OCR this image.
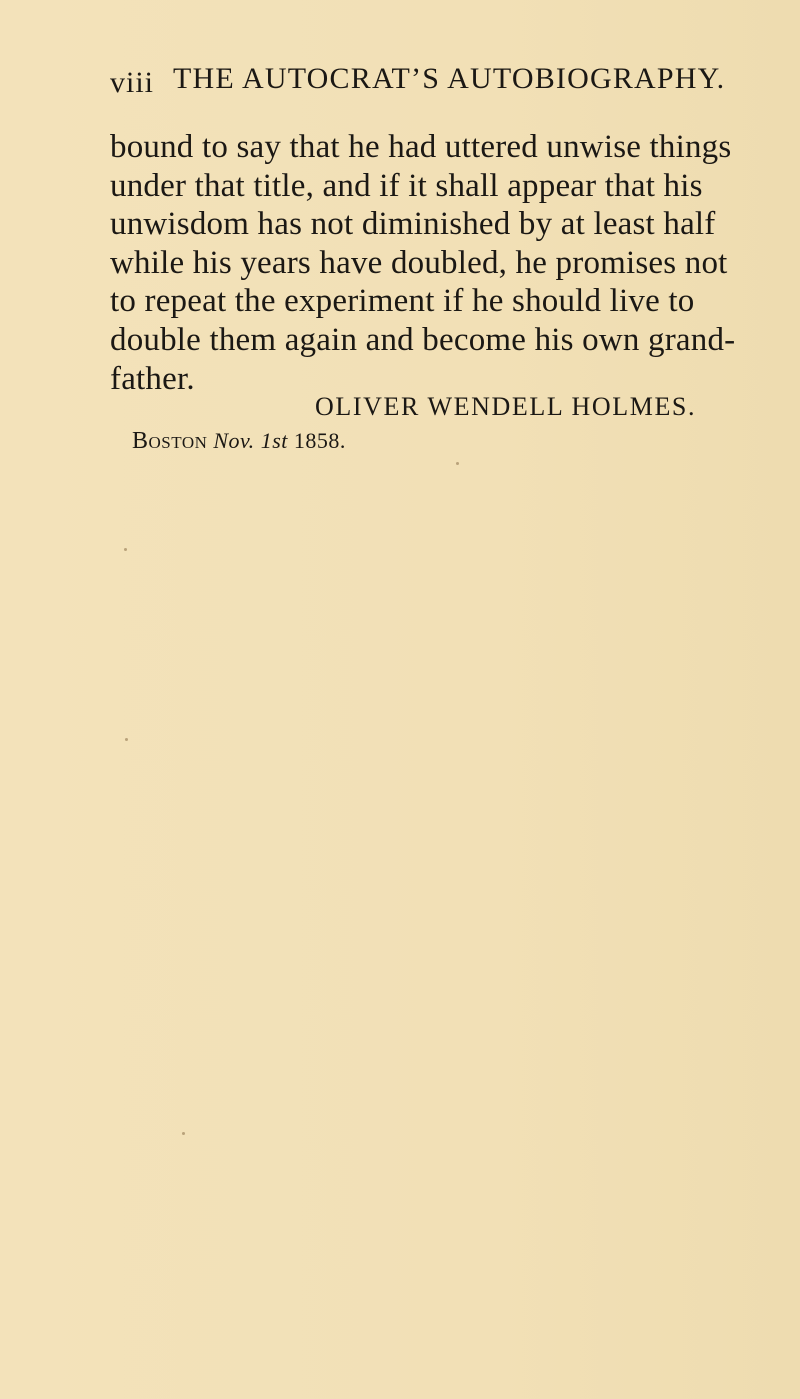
viii THE AUTOCRAT’S AUTOBIOGRAPHY.
bound to say that he had uttered unwise things
under that title, and if it shall appear that his
unwisdom has not diminished by at least half
while his years have doubled, he promises not
to repeat the experiment if he should live to
double them again and become his own grand-
father.
OLIVER WENDELL HOLMES.
Boston Nov. 1st 1858.
